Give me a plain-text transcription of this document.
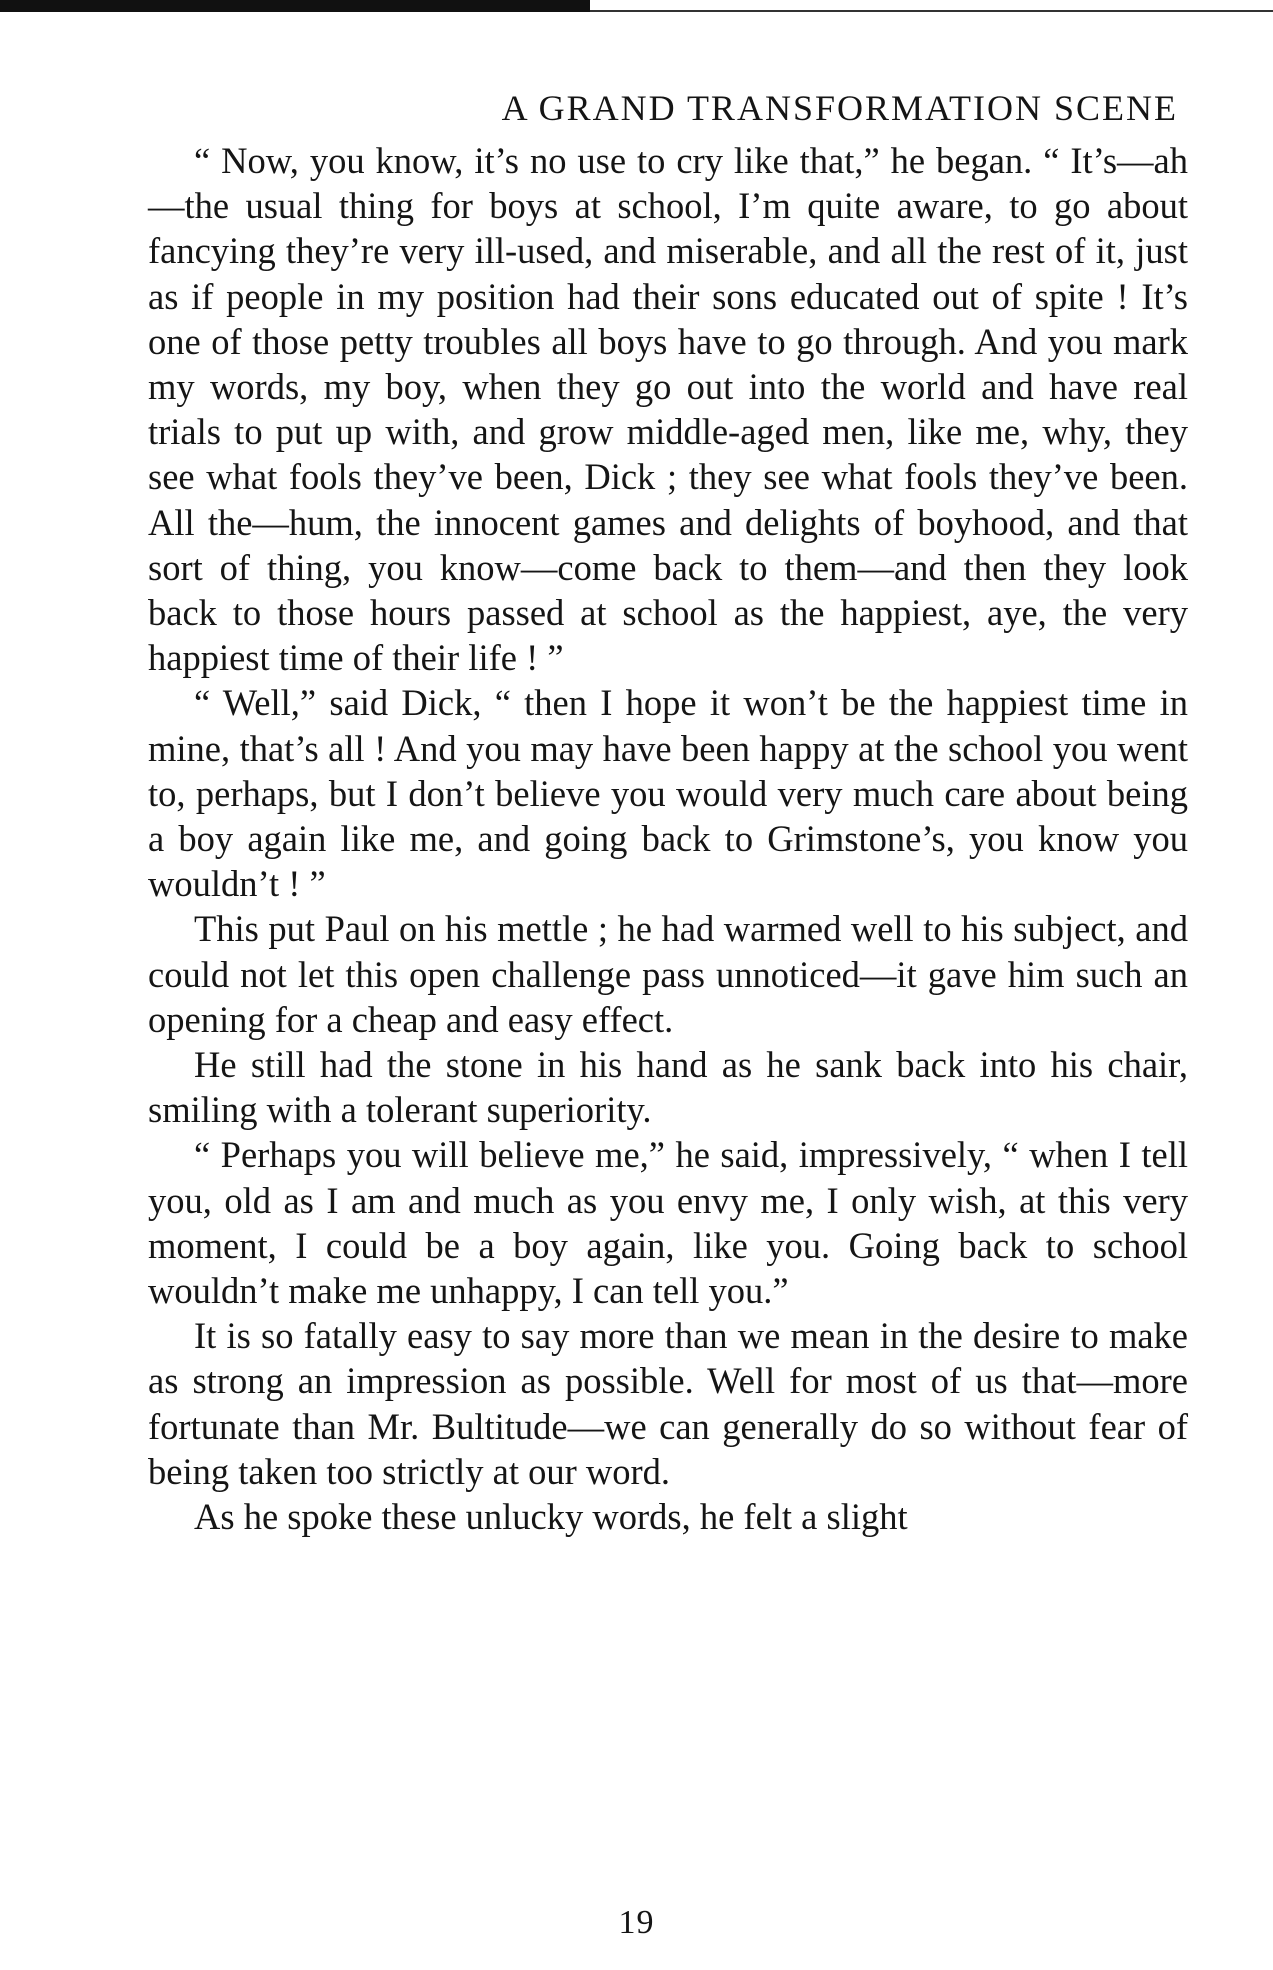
A GRAND TRANSFORMATION SCENE

“ Now, you know, it’s no use to cry like that,” he began. “ It’s—ah—the usual thing for boys at school, I’m quite aware, to go about fancying they’re very ill-used, and miserable, and all the rest of it, just as if people in my position had their sons educated out of spite ! It’s one of those petty troubles all boys have to go through. And you mark my words, my boy, when they go out into the world and have real trials to put up with, and grow middle-aged men, like me, why, they see what fools they’ve been, Dick ; they see what fools they’ve been. All the—hum, the innocent games and delights of boyhood, and that sort of thing, you know—come back to them—and then they look back to those hours passed at school as the happiest, aye, the very happiest time of their life ! ”

“ Well,” said Dick, “ then I hope it won’t be the happiest time in mine, that’s all ! And you may have been happy at the school you went to, perhaps, but I don’t believe you would very much care about being a boy again like me, and going back to Grimstone’s, you know you wouldn’t ! ”

This put Paul on his mettle ; he had warmed well to his subject, and could not let this open challenge pass unnoticed—it gave him such an opening for a cheap and easy effect.

He still had the stone in his hand as he sank back into his chair, smiling with a tolerant superiority.

“ Perhaps you will believe me,” he said, impressively, “ when I tell you, old as I am and much as you envy me, I only wish, at this very moment, I could be a boy again, like you. Going back to school wouldn’t make me unhappy, I can tell you.”

It is so fatally easy to say more than we mean in the desire to make as strong an impression as possible. Well for most of us that—more fortunate than Mr. Bultitude—we can generally do so without fear of being taken too strictly at our word.

As he spoke these unlucky words, he felt a slight

19
